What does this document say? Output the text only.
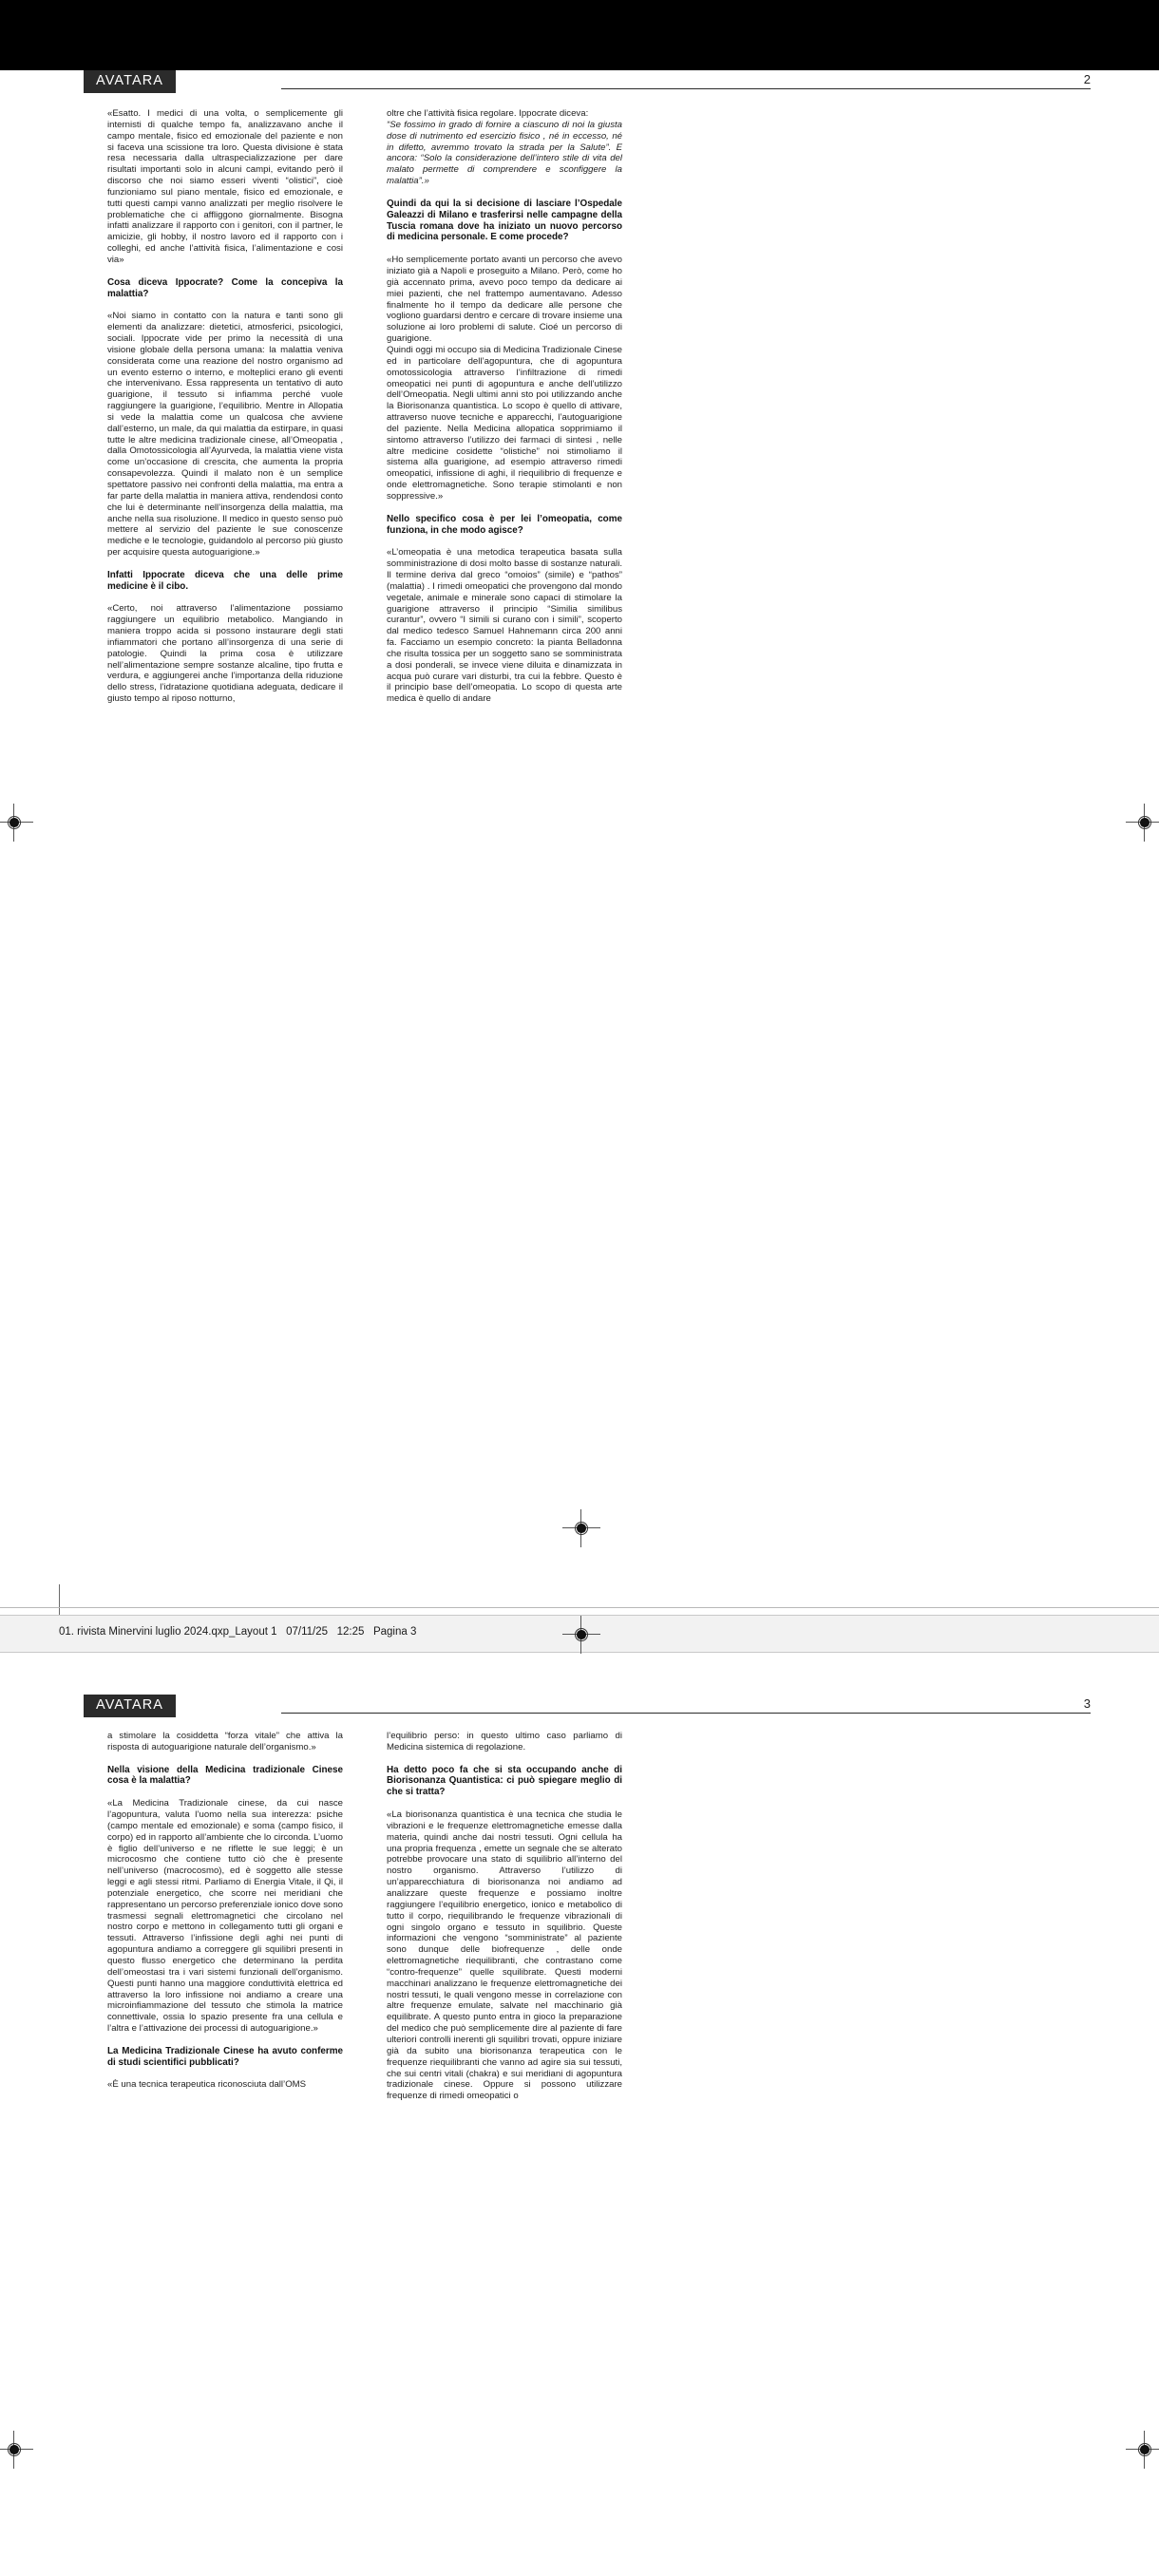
AVATARA	2

«Esatto. I medici di una volta, o semplicemente gli internisti di qualche tempo fa, analizzavano anche il campo mentale, fisico ed emozionale del paziente e non si faceva una scissione tra loro. Questa divisione è stata resa necessaria dalla ultraspecializzazione per dare risultati importanti solo in alcuni campi, evitando però il discorso che noi siamo esseri viventi “olistici”, cioè funzioniamo sul piano mentale, fisico ed emozionale, e tutti questi campi vanno analizzati per meglio risolvere le problematiche che ci affliggono giornalmente. Bisogna infatti analizzare il rapporto con i genitori, con il partner, le amicizie, gli hobby, il nostro lavoro ed il rapporto con i colleghi, ed anche l’attività fisica, l’alimentazione e cosi via»

Cosa diceva Ippocrate? Come la concepiva la malattia?

«Noi siamo in contatto con la natura e tanti sono gli elementi da analizzare: dietetici, atmosferici, psicologici, sociali. Ippocrate vide per primo la necessità di una visione globale della persona umana: la malattia veniva considerata come una reazione del nostro organismo ad un evento esterno o interno, e molteplici erano gli eventi che intervenivano. Essa rappresenta un tentativo di auto guarigione, il tessuto si infiamma perché vuole raggiungere la guarigione, l’equilibrio. Mentre in Allopatia si vede la malattia come un qualcosa che avviene dall’esterno, un male, da qui malattia da estirpare, in quasi tutte le altre medicina tradizionale cinese, all’Omeopatia , dalla Omotossicologia all’Ayurveda, la malattia viene vista come un’occasione di crescita, che aumenta la propria consapevolezza. Quindi il malato non è un semplice spettatore passivo nei confronti della malattia, ma entra a far parte della malattia in maniera attiva, rendendosi conto che lui è determinante nell’insorgenza della malattia, ma anche nella sua risoluzione. Il medico in questo senso può mettere al servizio del paziente le sue conoscenze mediche e le tecnologie, guidandolo al percorso più giusto per acquisire questa autoguarigione.»

Infatti Ippocrate diceva che una delle prime medicine è il cibo.

«Certo, noi attraverso l’alimentazione possiamo raggiungere un equilibrio metabolico. Mangiando in maniera troppo acida si possono instaurare degli stati infiammatori che portano all’insorgenza di una serie di patologie. Quindi la prima cosa è utilizzare nell’alimentazione sempre sostanze alcaline, tipo frutta e verdura, e aggiungerei anche l’importanza della riduzione dello stress, l’idratazione quotidiana adeguata, dedicare il giusto tempo al riposo notturno,

oltre che l’attività fisica regolare. Ippocrate diceva:

“Se fossimo in grado di fornire a ciascuno di noi la giusta dose di nutrimento ed esercizio fisico , né in eccesso, né in difetto, avremmo trovato la strada per la Salute”. E ancora: “Solo la considerazione dell’intero stile di vita del malato permette di comprendere e sconfiggere la malattia”.»

Quindi da qui la si decisione di lasciare l’Ospedale Galeazzi di Milano e trasferirsi nelle campagne della Tuscia romana dove ha iniziato un nuovo percorso di medicina personale. E come procede?

«Ho semplicemente portato avanti un percorso che avevo iniziato già a Napoli e proseguito a Milano. Però, come ho già accennato prima, avevo poco tempo da dedicare ai miei pazienti, che nel frattempo aumentavano. Adesso finalmente ho il tempo da dedicare alle persone che vogliono guardarsi dentro e cercare di trovare insieme una soluzione ai loro problemi di salute. Cioé un percorso di guarigione.

Quindi oggi mi occupo sia di Medicina Tradizionale Cinese ed in particolare dell’agopuntura, che di agopuntura omotossicologia attraverso l’infiltrazione di rimedi omeopatici nei punti di agopuntura e anche dell’utilizzo dell’Omeopatia. Negli ultimi anni sto poi utilizzando anche la Biorisonanza quantistica. Lo scopo è quello di attivare, attraverso nuove tecniche e apparecchi, l’autoguarigione del paziente. Nella Medicina allopatica sopprimiamo il sintomo attraverso l’utilizzo dei farmaci di sintesi , nelle altre medicine cosidette “olistiche” noi stimoliamo il sistema alla guarigione, ad esempio attraverso rimedi omeopatici, infissione di aghi, il riequilibrio di frequenze e onde elettromagnetiche. Sono terapie stimolanti e non soppressive.»

Nello specifico cosa è per lei l’omeopatia, come funziona, in che modo agisce?

«L’omeopatia è una metodica terapeutica basata sulla somministrazione di dosi molto basse di sostanze naturali. Il termine deriva dal greco “omoios” (simile) e “pathos” (malattia) . I rimedi omeopatici che provengono dal mondo vegetale, animale e minerale sono capaci di stimolare la guarigione attraverso il principio “Similia similibus curantur”, ovvero “I simili si curano con i simili”, scoperto dal medico tedesco Samuel Hahnemann circa 200 anni fa. Facciamo un esempio concreto: la pianta Belladonna che risulta tossica per un soggetto sano se somministrata a dosi ponderali, se invece viene diluita e dinamizzata in acqua può curare vari disturbi, tra cui la febbre. Questo è il principio base dell’omeopatia. Lo scopo di questa arte medica è quello di andare

01. rivista Minervini luglio 2024.qxp_Layout 1   07/11/25   12:25   Pagina 3
AVATARA	3

a stimolare la cosiddetta “forza vitale” che attiva la risposta di autoguarigione naturale dell’organismo.»

Nella visione della Medicina tradizionale Cinese cosa è la malattia?

«La Medicina Tradizionale cinese, da cui nasce l’agopuntura, valuta l’uomo nella sua interezza: psiche (campo mentale ed emozionale) e soma (campo fisico, il corpo) ed in rapporto all’ambiente che lo circonda. L’uomo è figlio dell’universo e ne riflette le sue leggi; è un microcosmo che contiene tutto ciò che è presente nell’universo (macrocosmo), ed è soggetto alle stesse leggi e agli stessi ritmi. Parliamo di Energia Vitale, il Qi, il potenziale energetico, che scorre nei meridiani che rappresentano un percorso preferenziale ionico dove sono trasmessi segnali elettromagnetici che circolano nel nostro corpo e mettono in collegamento tutti gli organi e tessuti. Attraverso l’infissione degli aghi nei punti di agopuntura andiamo a correggere gli squilibri presenti in questo flusso energetico che determinano la perdita dell’omeostasi tra i vari sistemi funzionali dell’organismo. Questi punti hanno una maggiore conduttività elettrica ed attraverso la loro infissione noi andiamo a creare una microinfiammazione del tessuto che stimola la matrice connettivale, ossia lo spazio presente fra una cellula e l’altra e l’attivazione dei processi di autoguarigione.»

La Medicina Tradizionale Cinese ha avuto conferme di studi scientifici pubblicati?

«È una tecnica terapeutica riconosciuta dall’OMS

l’equilibrio perso: in questo ultimo caso parliamo di Medicina sistemica di regolazione.

Ha detto poco fa che si sta occupando anche di Biorisonanza Quantistica: ci può spiegare meglio di che si tratta?

«La biorisonanza quantistica è una tecnica che studia le vibrazioni e le frequenze elettromagnetiche emesse dalla materia, quindi anche dai nostri tessuti. Ogni cellula ha una propria frequenza , emette un segnale che se alterato potrebbe provocare una stato di squilibrio all’interno del nostro organismo. Attraverso l’utilizzo di un’apparecchiatura di biorisonanza noi andiamo ad analizzare queste frequenze e possiamo inoltre raggiungere l’equilibrio energetico, ionico e metabolico di tutto il corpo, riequilibrando le frequenze vibrazionali di ogni singolo organo e tessuto in squilibrio. Queste informazioni che vengono “somministrate” al paziente sono dunque delle biofrequenze , delle onde elettromagnetiche riequilibranti, che contrastano come “contro-frequenze” quelle squilibrate. Questi moderni macchinari analizzano le frequenze elettromagnetiche dei nostri tessuti, le quali vengono messe in correlazione con altre frequenze emulate, salvate nel macchinario già equilibrate. A questo punto entra in gioco la preparazione del medico che può semplicemente dire al paziente di fare ulteriori controlli inerenti gli squilibri trovati, oppure iniziare già da subito una biorisonanza terapeutica con le frequenze riequilibranti che vanno ad agire sia sui tessuti, che sui centri vitali (chakra) e sui meridiani di agopuntura tradizionale cinese. Oppure si possono utilizzare frequenze di rimedi omeopatici o
